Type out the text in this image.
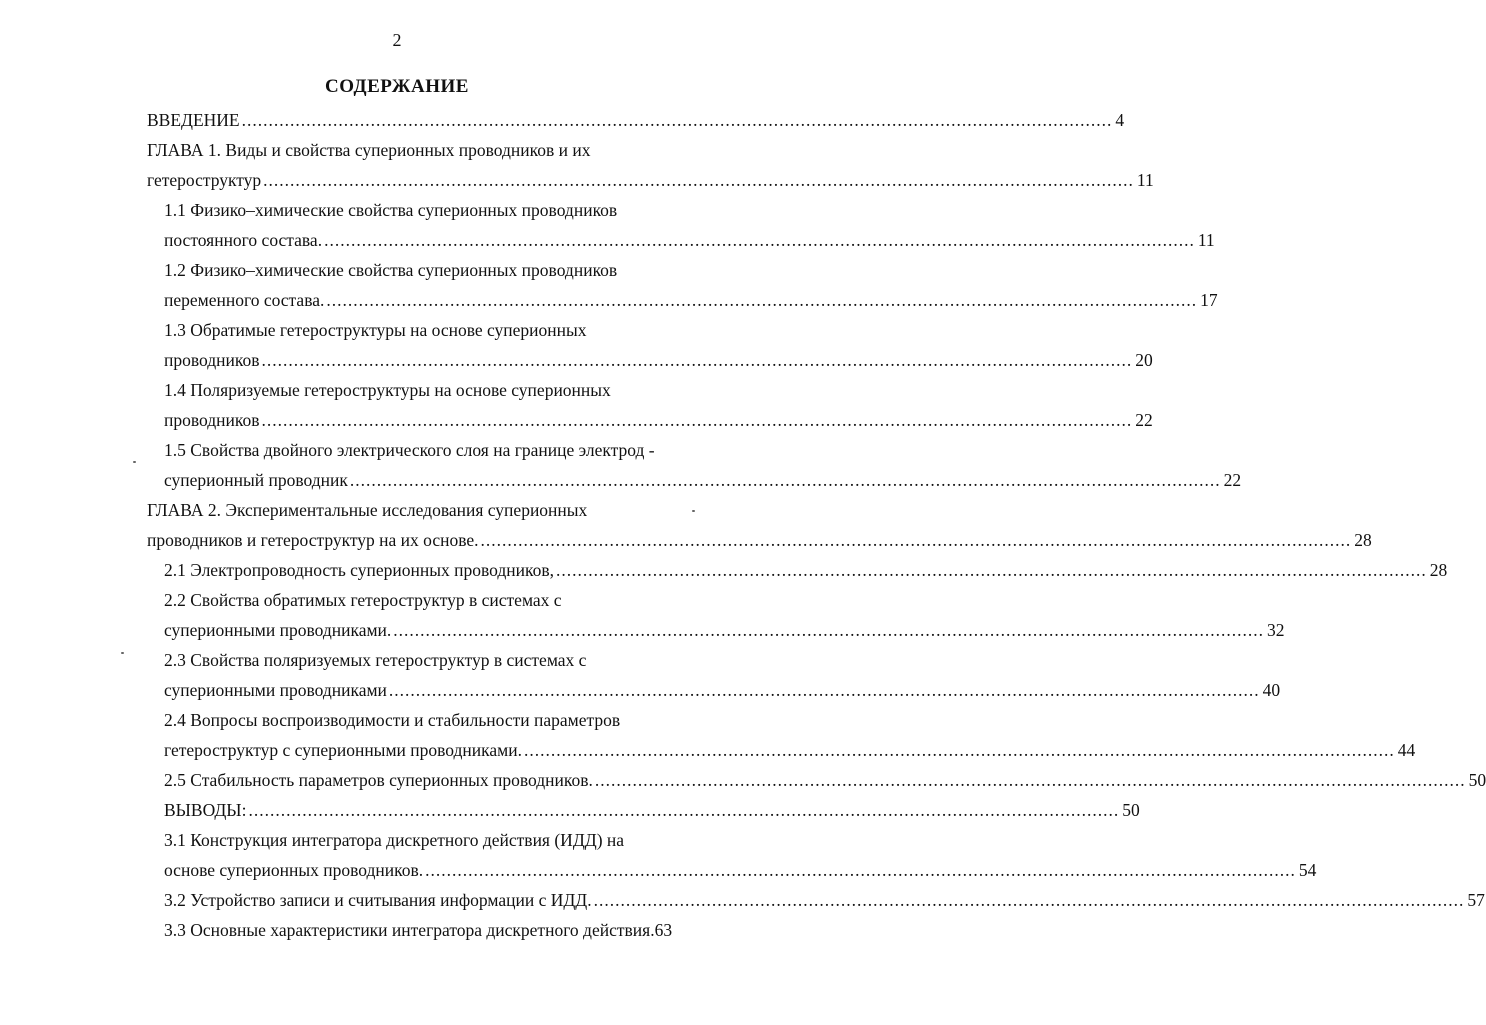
2
СОДЕРЖАНИЕ
ВВЕДЕНИЕ .................................................................................................................................................................. 4
ГЛАВА 1. Виды и свойства суперионных проводников и их
гетероструктур .................................................................................................................................................................. 11
1.1 Физико–химические свойства суперионных проводников
постоянного состава. .................................................................................................................................................................. 11
1.2 Физико–химические свойства суперионных проводников
переменного состава. .................................................................................................................................................................. 17
1.3 Обратимые гетероструктуры на основе суперионных
проводников .................................................................................................................................................................. 20
1.4 Поляризуемые гетероструктуры на основе суперионных
проводников .................................................................................................................................................................. 22
1.5 Свойства двойного электрического слоя на границе электрод -
суперионный проводник .................................................................................................................................................................. 22
ГЛАВА 2. Экспериментальные исследования суперионных
проводников и гетероструктур на их основе. .................................................................................................................................................................. 28
2.1 Электропроводность суперионных проводников, .................................................................................................................................................................. 28
2.2 Свойства обратимых гетероструктур в системах с
суперионными проводниками. .................................................................................................................................................................. 32
2.3 Свойства поляризуемых гетероструктур в системах с
суперионными проводниками .................................................................................................................................................................. 40
2.4 Вопросы воспроизводимости и стабильности параметров
гетероструктур с суперионными проводниками. .................................................................................................................................................................. 44
2.5 Стабильность параметров суперионных проводников. .................................................................................................................................................................. 50
ВЫВОДЫ: .................................................................................................................................................................. 50
3.1 Конструкция интегратора дискретного действия (ИДД) на
основе суперионных проводников. .................................................................................................................................................................. 54
3.2 Устройство записи и считывания информации с ИДД. .................................................................................................................................................................. 57
3.3 Основные характеристики интегратора дискретного действия. 63
